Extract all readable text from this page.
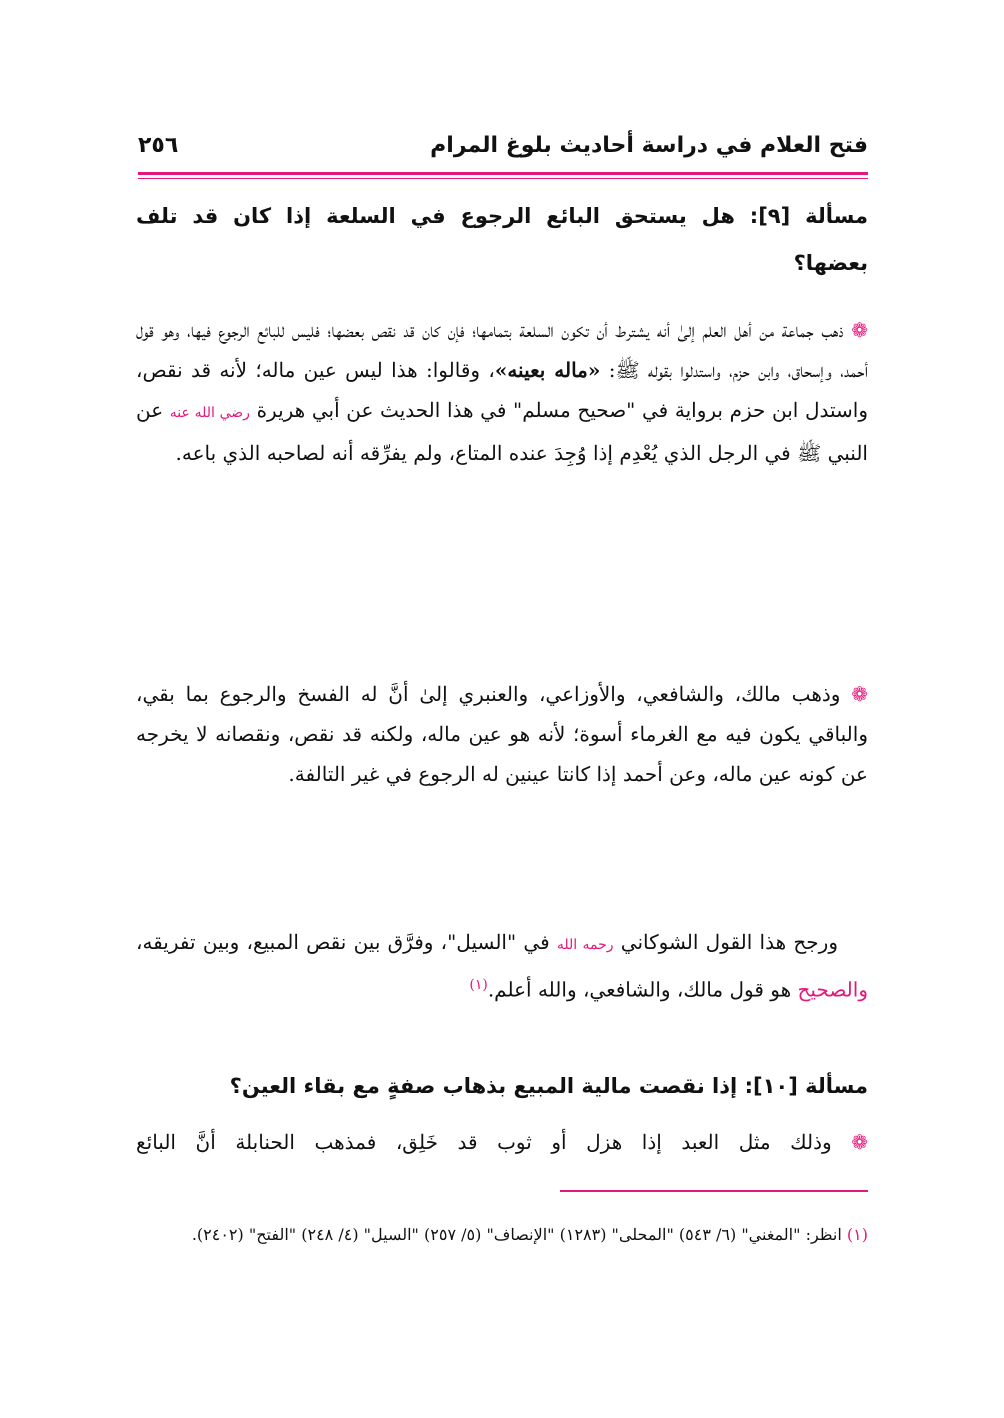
فتح العلام في دراسة أحاديث بلوغ المرام
٢٥٦
مسألة [٩]: هل يستحق البائع الرجوع في السلعة إذا كان قد تلف
بعضها؟
❁ ذهب جماعة من أهل العلم إلىٰ أنه يشترط أن تكون السلعة بتمامها؛ فإن كان قد نقص بعضها؛ فليس للبائع الرجوع فيها، وهو قول أحمد، وإسحاق، وابن حزم، واستدلوا بقوله ﷺ: «ماله بعينه»، وقالوا: هذا ليس عين ماله؛ لأنه قد نقص، واستدل ابن حزم برواية في "صحيح مسلم" في هذا الحديث عن أبي هريرة رضي الله عنه عن النبي ﷺ في الرجل الذي يُعْدِم إذا وُجِدَ عنده المتاع، ولم يفرِّقه أنه لصاحبه الذي باعه.
❁ وذهب مالك، والشافعي، والأوزاعي، والعنبري إلىٰ أنَّ له الفسخ والرجوع بما بقي، والباقي يكون فيه مع الغرماء أسوة؛ لأنه هو عين ماله، ولكنه قد نقص، ونقصانه لا يخرجه عن كونه عين ماله، وعن أحمد إذا كانتا عينين له الرجوع في غير التالفة.
ورجح هذا القول الشوكاني رحمه الله في "السيل"، وفرَّق بين نقص المبيع، وبين تفريقه، والصحيح هو قول مالك، والشافعي، والله أعلم.$^{(١)}$
مسألة [١٠]: إذا نقصت مالية المبيع بذهاب صفةٍ مع بقاء العين؟
❁ وذلك مثل العبد إذا هزل أو ثوب قد خَلِق، فمذهب الحنابلة أنَّ البائع
(١) انظر: "المغني" (٦/ ٥٤٣) "المحلى" (١٢٨٣) "الإنصاف" (٥/ ٢٥٧) "السيل" (٤/ ٢٤٨) "الفتح" (٢٤٠٢).
